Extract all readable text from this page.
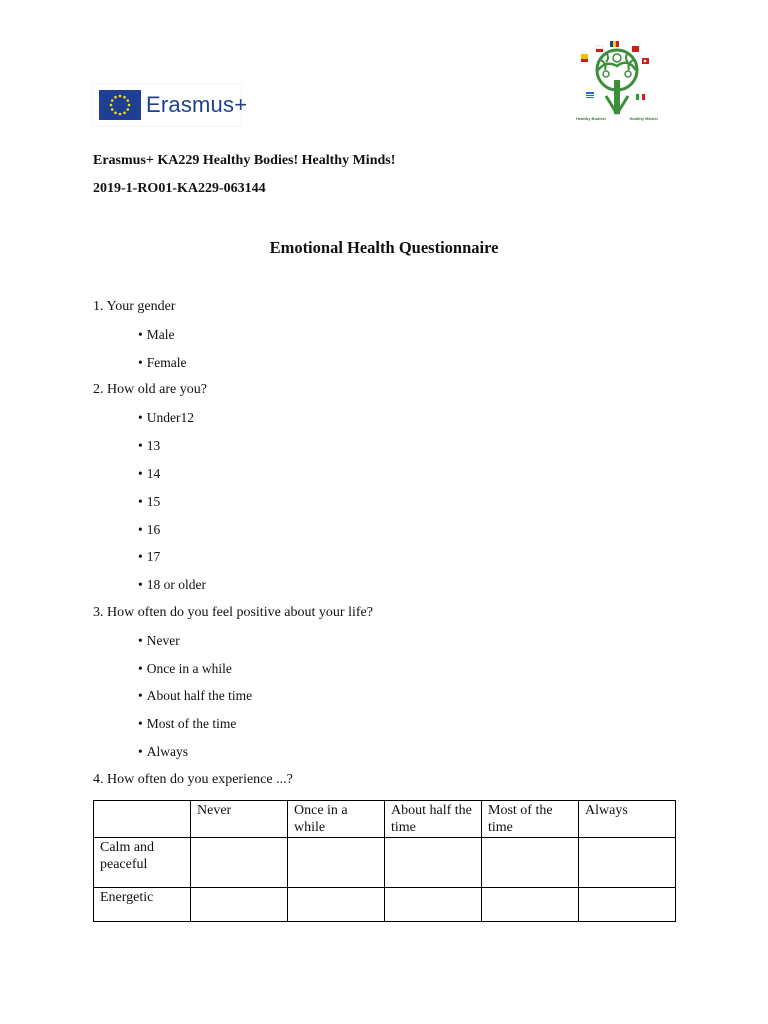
Erasmus+
Healthy Bodies!	Healthy Minds!
Erasmus+ KA229 Healthy Bodies! Healthy Minds!
2019-1-RO01-KA229-063144
Emotional Health Questionnaire
1. Your gender
• Male
• Female
2. How old are you?
• Under12
• 13
• 14
• 15
• 16
• 17
• 18 or older
3. How often do you feel positive about your life?
• Never
• Once in a while
• About half the time
• Most of the time
• Always
4. How often do you experience ...?
	Never	Once in a while	About half the time	Most of the time	Always
Calm and peaceful					
Energetic					
